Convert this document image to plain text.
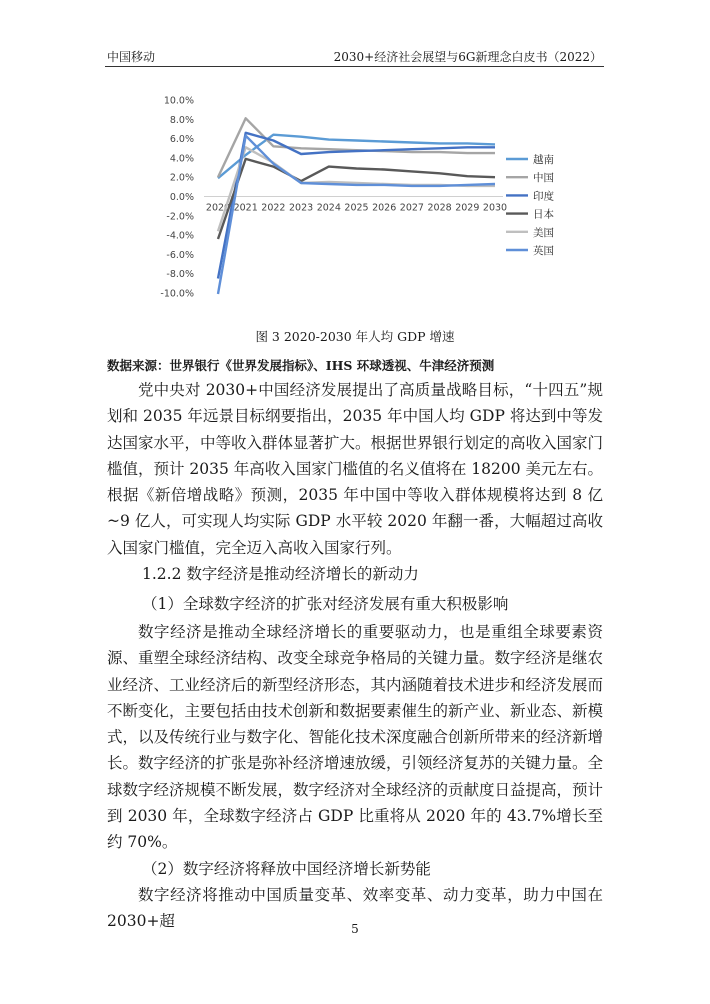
中国移动	2030+经济社会展望与6G新理念白皮书（2022）
10.0%
8.0%
6.0%
4.0%
2.0%
0.0%
-2.0%
-4.0%
-6.0%
-8.0%
-10.0%
2020 2021 2022 2023 2024 2025 2026 2027 2028 2029 2030
越南
中国
印度
日本
美国
英国
图 3 2020-2030 年人均 GDP 增速
数据来源：世界银行《世界发展指标》、IHS 环球透视、牛津经济预测

党中央对 2030+中国经济发展提出了高质量战略目标，“十四五”规划和 2035 年远景目标纲要指出，2035 年中国人均 GDP 将达到中等发达国家水平，中等收入群体显著扩大。根据世界银行划定的高收入国家门槛值，预计 2035 年高收入国家门槛值的名义值将在 18200 美元左右。根据《新倍增战略》预测，2035 年中国中等收入群体规模将达到 8 亿~9 亿人，可实现人均实际 GDP 水平较 2020 年翻一番，大幅超过高收入国家门槛值，完全迈入高收入国家行列。

1.2.2 数字经济是推动经济增长的新动力

（1）全球数字经济的扩张对经济发展有重大积极影响

数字经济是推动全球经济增长的重要驱动力，也是重组全球要素资源、重塑全球经济结构、改变全球竞争格局的关键力量。数字经济是继农业经济、工业经济后的新型经济形态，其内涵随着技术进步和经济发展而不断变化，主要包括由技术创新和数据要素催生的新产业、新业态、新模式，以及传统行业与数字化、智能化技术深度融合创新所带来的经济新增长。数字经济的扩张是弥补经济增速放缓，引领经济复苏的关键力量。全球数字经济规模不断发展，数字经济对全球经济的贡献度日益提高，预计到 2030 年，全球数字经济占 GDP 比重将从 2020 年的 43.7%增长至约 70%。

（2）数字经济将释放中国经济增长新势能

数字经济将推动中国质量变革、效率变革、动力变革，助力中国在 2030+超	5
